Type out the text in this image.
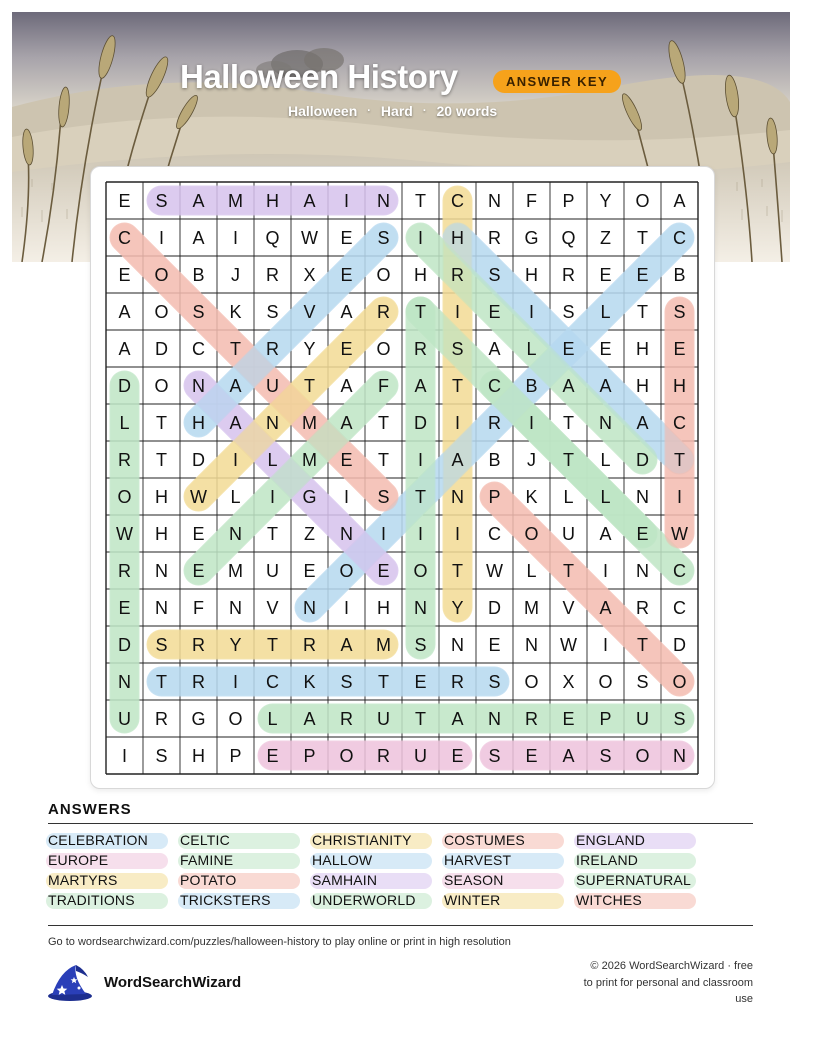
Halloween History	ANSWER KEY
Halloween · Hard · 20 words
E S A M H A I N T C N F P Y O A
C I A I Q W E S I H R G Q Z T C
E O B J R X E O H R S H R E E B
A O S K S V A R T I E I S L T S
A D C T R Y E O R S A L E E H E
D O N A U T A F A T C B A A H H
L T H A N M A T D I R I T N A C
R T D I L M E T I A B J T L D T
O H W L I G I S T N P K L L N I
W H E N T Z N I I I C O U A E W
R N E M U E O E O T W L T I N C
E N F N V N I H N Y D M V A R C
D S R Y T R A M S N E N W I T D
N T R I C K S T E R S O X O S O
U R G O L A R U T A N R E P U S
I S H P E P O R U E S E A S O N
ANSWERS
CELEBRATION CELTIC	CHRISTIANITY COSTUMES	ENGLAND
EUROPE	FAMINE	HALLOW	HARVEST	IRELAND
MARTYRS	POTATO	SAMHAIN	SEASON	SUPERNATURAL
TRADITIONS	TRICKSTERS	UNDERWORLD WINTER	WITCHES
Go to wordsearchwizard.com/puzzles/halloween-history to play online or print in high resolution
WordSearchWizard
© 2026 WordSearchWizard · free to print for personal and classroom use
